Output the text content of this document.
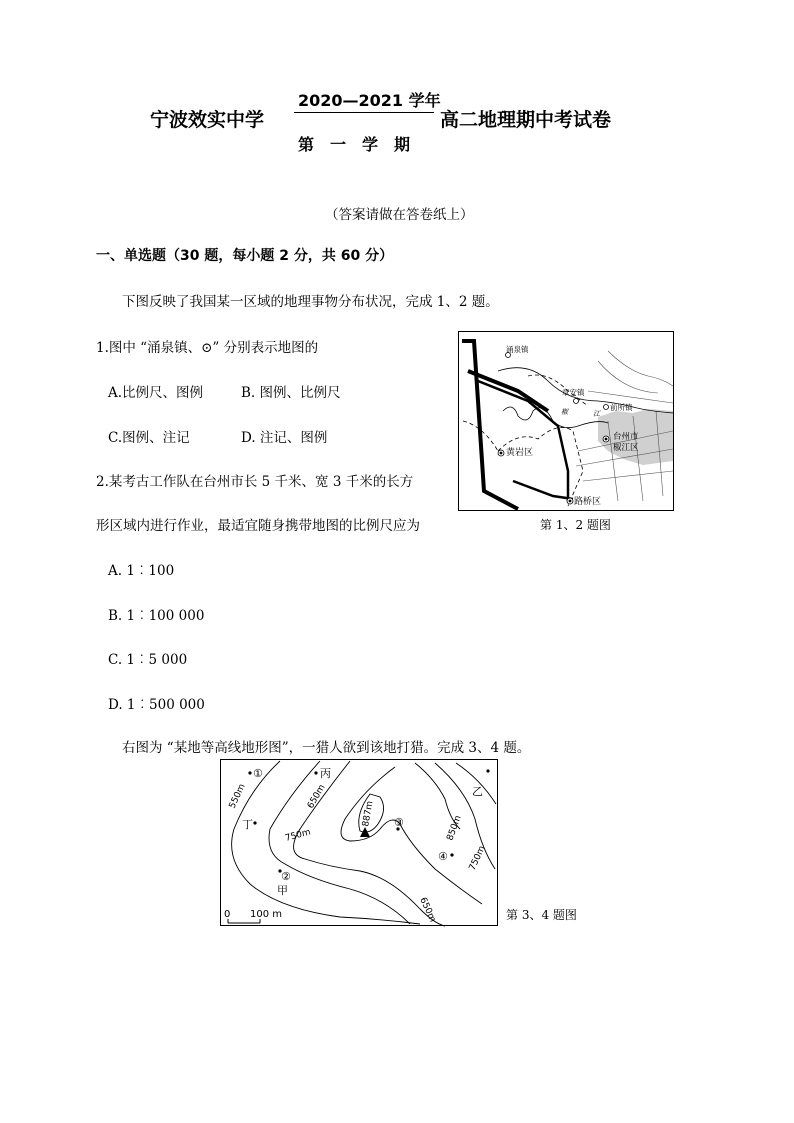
宁波效实中学
2020—2021 学年
第　一　学　期
高二地理期中考试卷
（答案请做在答卷纸上）
一、单选题（30 题，每小题 2 分，共 60 分）
下图反映了我国某一区域的地理事物分布状况，完成 1、2 题。
1.图中 “涌泉镇、⊙” 分别表示地图的
A.比例尺、图例	B. 图例、比例尺
C.图例、注记	D. 注记、图例
2.某考古工作队在台州市长 5 千米、宽 3 千米的长方
形区域内进行作业，最适宜随身携带地图的比例尺应为
A. 1︰100
B. 1︰100 000
C. 1︰5 000
D. 1︰500 000
涌泉镇
章安镇
前所镇
椒	江
黄岩区
台州市
椒江区
路桥区
第 1、2 题图
右图为 “某地等高线地形图”，一猎人欲到该地打猎。完成 3、4 题。
0 100 m
①	丙
乙
丁	③
④
②
甲
550m	650m
750m
887m
850m
750m
650m	第 3、4 题图
